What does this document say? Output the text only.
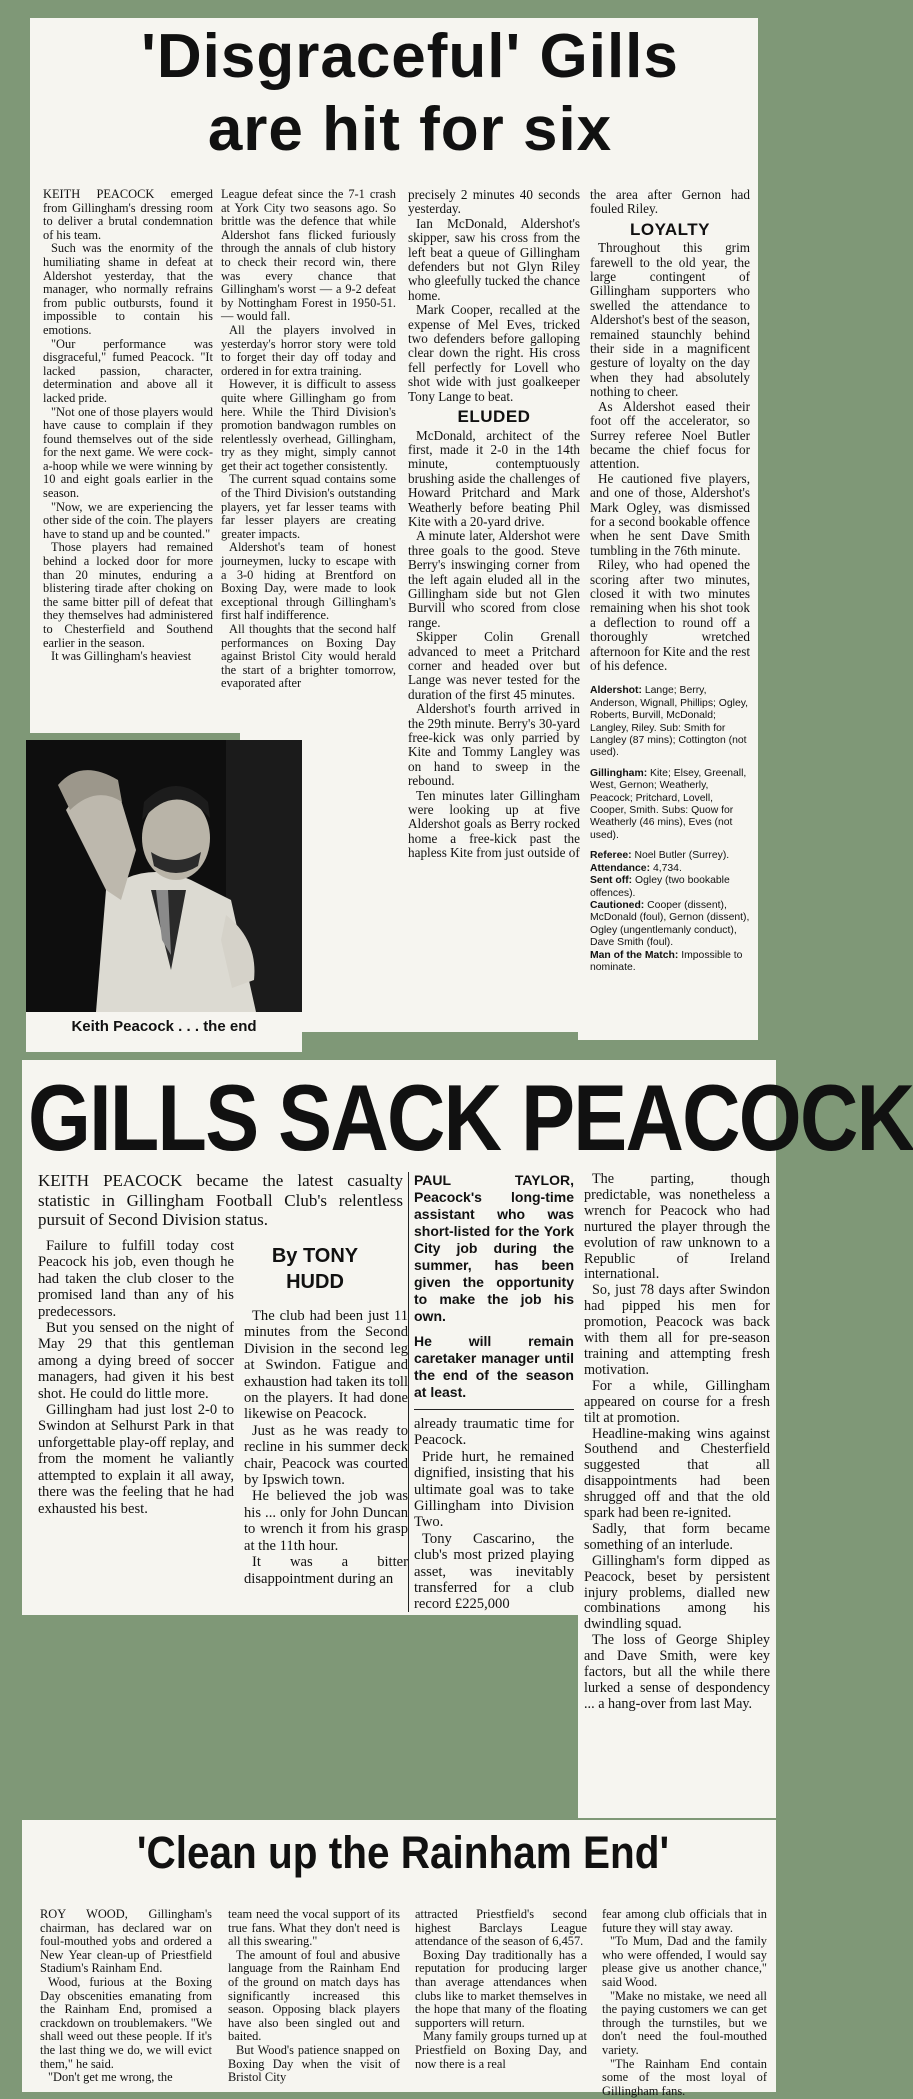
'Disgraceful' Gills
are hit for six

KEITH PEACOCK emerged from Gillingham's dressing room to deliver a brutal condemnation of his team.

Such was the enormity of the humiliating shame in defeat at Aldershot yesterday, that the manager, who normally refrains from public outbursts, found it impossible to contain his emotions.

"Our performance was disgraceful," fumed Peacock. "It lacked passion, character, determination and above all it lacked pride.

"Not one of those players would have cause to complain if they found themselves out of the side for the next game. We were cock-a-hoop while we were winning by 10 and eight goals earlier in the season.

"Now, we are experiencing the other side of the coin. The players have to stand up and be counted."

Those players had remained behind a locked door for more than 20 minutes, enduring a blistering tirade after choking on the same bitter pill of defeat that they themselves had administered to Chesterfield and Southend earlier in the season.

It was Gillingham's heaviest

League defeat since the 7-1 crash at York City two seasons ago. So brittle was the defence that while Aldershot fans flicked furiously through the annals of club history to check their record win, there was every chance that Gillingham's worst — a 9-2 defeat by Nottingham Forest in 1950-51. — would fall.

All the players involved in yesterday's horror story were told to forget their day off today and ordered in for extra training.

However, it is difficult to assess quite where Gillingham go from here. While the Third Division's promotion bandwagon rumbles on relentlessly overhead, Gillingham, try as they might, simply cannot get their act together consistently.

The current squad contains some of the Third Division's outstanding players, yet far lesser teams with far lesser players are creating greater impacts.

Aldershot's team of honest journeymen, lucky to escape with a 3-0 hiding at Brentford on Boxing Day, were made to look exceptional through Gillingham's first half indifference.

All thoughts that the second half performances on Boxing Day against Bristol City would herald the start of a brighter tomorrow, evaporated after

precisely 2 minutes 40 seconds yesterday.

Ian McDonald, Aldershot's skipper, saw his cross from the left beat a queue of Gillingham defenders but not Glyn Riley who gleefully tucked the chance home.

Mark Cooper, recalled at the expense of Mel Eves, tricked two defenders before galloping clear down the right. His cross fell perfectly for Lovell who shot wide with just goalkeeper Tony Lange to beat.

ELUDED

McDonald, architect of the first, made it 2-0 in the 14th minute, contemptuously brushing aside the challenges of Howard Pritchard and Mark Weatherly before beating Phil Kite with a 20-yard drive.

A minute later, Aldershot were three goals to the good. Steve Berry's inswinging corner from the left again eluded all in the Gillingham side but not Glen Burvill who scored from close range.

Skipper Colin Grenall advanced to meet a Pritchard corner and headed over but Lange was never tested for the duration of the first 45 minutes.

Aldershot's fourth arrived in the 29th minute. Berry's 30-yard free-kick was only parried by Kite and Tommy Langley was on hand to sweep in the rebound.

Ten minutes later Gillingham were looking up at five Aldershot goals as Berry rocked home a free-kick past the hapless Kite from just outside of

the area after Gernon had fouled Riley.

LOYALTY

Throughout this grim farewell to the old year, the large contingent of Gillingham supporters who swelled the attendance to Aldershot's best of the season, remained staunchly behind their side in a magnificent gesture of loyalty on the day when they had absolutely nothing to cheer.

As Aldershot eased their foot off the accelerator, so Surrey referee Noel Butler became the chief focus for attention.

He cautioned five players, and one of those, Aldershot's Mark Ogley, was dismissed for a second bookable offence when he sent Dave Smith tumbling in the 76th minute.

Riley, who had opened the scoring after two minutes, closed it with two minutes remaining when his shot took a deflection to round off a thoroughly wretched afternoon for Kite and the rest of his defence.

Aldershot: Lange; Berry, Anderson, Wignall, Phillips; Ogley, Roberts, Burvill, McDonald; Langley, Riley. Sub: Smith for Langley (87 mins); Cottington (not used).

Gillingham: Kite; Elsey, Greenall, West, Gernon; Weatherly, Peacock; Pritchard, Lovell, Cooper, Smith. Subs: Quow for Weatherly (46 mins), Eves (not used).

Referee: Noel Butler (Surrey).

Attendance: 4,734.

Sent off: Ogley (two bookable offences).

Cautioned: Cooper (dissent), McDonald (foul), Gernon (dissent), Ogley (ungentlemanly conduct), Dave Smith (foul).

Man of the Match: Impossible to nominate.

Keith Peacock . . . the end
GILLS SACK PEACOCK

KEITH PEACOCK became the latest casualty statistic in Gillingham Football Club's relentless pursuit of Second Division status.

Failure to fulfill today cost Peacock his job, even though he had taken the club closer to the promised land than any of his predecessors.

But you sensed on the night of May 29 that this gentleman among a dying breed of soccer managers, had given it his best shot. He could do little more.

Gillingham had just lost 2-0 to Swindon at Selhurst Park in that unforgettable play-off replay, and from the moment he valiantly attempted to explain it all away, there was the feeling that he had exhausted his best.

By TONY HUDD

The club had been just 11 minutes from the Second Division in the second leg at Swindon. Fatigue and exhaustion had taken its toll on the players. It had done likewise on Peacock.

Just as he was ready to recline in his summer deck chair, Peacock was courted by Ipswich town.

He believed the job was his ... only for John Duncan to wrench it from his grasp at the 11th hour.

It was a bitter disappointment during an

PAUL TAYLOR, Peacock's long-time assistant who was short-listed for the York City job during the summer, has been given the opportunity to make the job his own.
He will remain caretaker manager until the end of the season at least.

already traumatic time for Peacock.

Pride hurt, he remained dignified, insisting that his ultimate goal was to take Gillingham into Division Two.

Tony Cascarino, the club's most prized playing asset, was inevitably transferred for a club record £225,000

The parting, though predictable, was nonetheless a wrench for Peacock who had nurtured the player through the evolution of raw unknown to a Republic of Ireland international.

So, just 78 days after Swindon had pipped his men for promotion, Peacock was back with them all for pre-season training and attempting fresh motivation.

For a while, Gillingham appeared on course for a fresh tilt at promotion.

Headline-making wins against Southend and Chesterfield suggested that all disappointments had been shrugged off and that the old spark had been re-ignited.

Sadly, that form became something of an interlude.

Gillingham's form dipped as Peacock, beset by persistent injury problems, dialled new combinations among his dwindling squad.

The loss of George Shipley and Dave Smith, were key factors, but all the while there lurked a sense of despondency ... a hang-over from last May.

'Clean up the Rainham End'

ROY WOOD, Gillingham's chairman, has declared war on foul-mouthed yobs and ordered a New Year clean-up of Priestfield Stadium's Rainham End.

Wood, furious at the Boxing Day obscenities emanating from the Rainham End, promised a crackdown on troublemakers. "We shall weed out these people. If it's the last thing we do, we will evict them," he said.

"Don't get me wrong, the

team need the vocal support of its true fans. What they don't need is all this swearing."

The amount of foul and abusive language from the Rainham End of the ground on match days has significantly increased this season. Opposing black players have also been singled out and baited.

But Wood's patience snapped on Boxing Day when the visit of Bristol City

attracted Priestfield's second highest Barclays League attendance of the season of 6,457.

Boxing Day traditionally has a reputation for producing larger than average attendances when clubs like to market themselves in the hope that many of the floating supporters will return.

Many family groups turned up at Priestfield on Boxing Day, and now there is a real

fear among club officials that in future they will stay away.

"To Mum, Dad and the family who were offended, I would say please give us another chance," said Wood.

"Make no mistake, we need all the paying customers we can get through the turnstiles, but we don't need the foul-mouthed variety.

"The Rainham End contain some of the most loyal of Gillingham fans.
